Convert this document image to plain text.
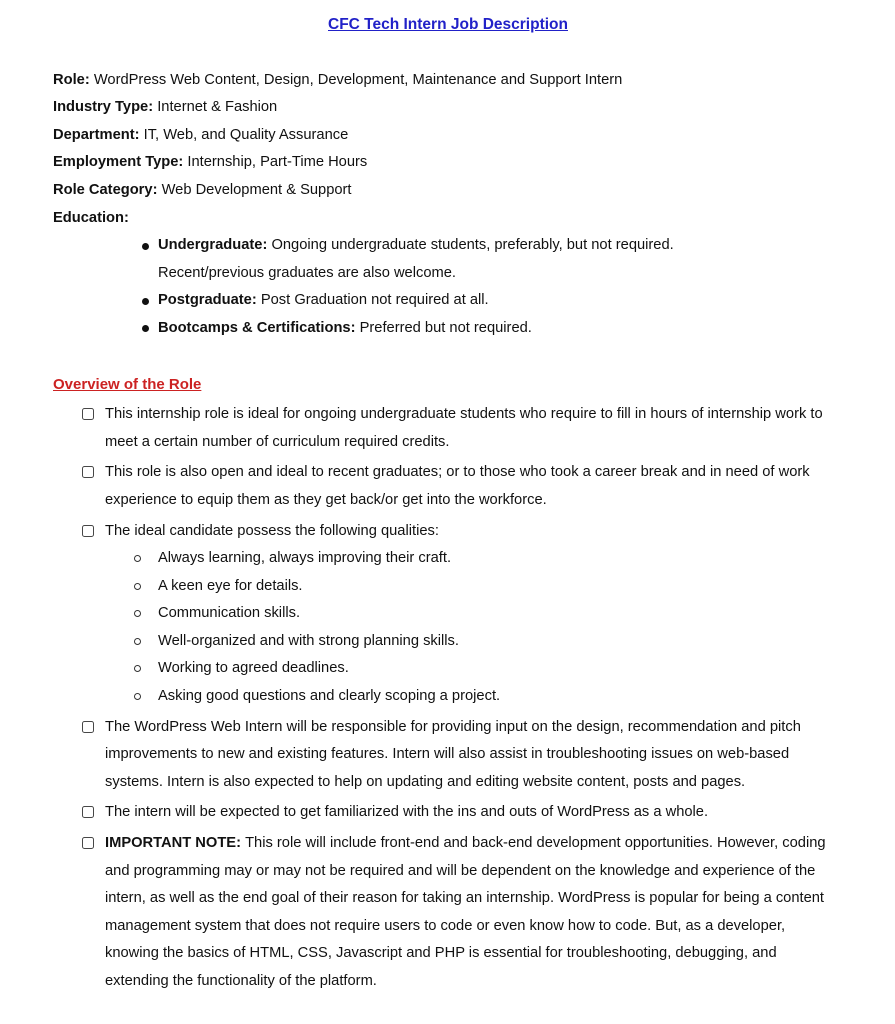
CFC Tech Intern Job Description

Role: WordPress Web Content, Design, Development, Maintenance and Support Intern

Industry Type: Internet & Fashion

Department: IT, Web, and Quality Assurance

Employment Type: Internship, Part-Time Hours

Role Category: Web Development & Support

Education:

Undergraduate: Ongoing undergraduate students, preferably, but not required. Recent/previous graduates are also welcome.
Postgraduate: Post Graduation not required at all.
Bootcamps & Certifications: Preferred but not required.
Overview of the Role
This internship role is ideal for ongoing undergraduate students who require to fill in hours of internship work to meet a certain number of curriculum required credits.
This role is also open and ideal to recent graduates; or to those who took a career break and in need of work experience to equip them as they get back/or get into the workforce.
The ideal candidate possess the following qualities:
Always learning, always improving their craft.
A keen eye for details.
Communication skills.
Well-organized and with strong planning skills.
Working to agreed deadlines.
Asking good questions and clearly scoping a project.
The WordPress Web Intern will be responsible for providing input on the design, recommendation and pitch improvements to new and existing features. Intern will also assist in troubleshooting issues on web-based systems. Intern is also expected to help on updating and editing website content, posts and pages.
The intern will be expected to get familiarized with the ins and outs of WordPress as a whole.
IMPORTANT NOTE: This role will include front-end and back-end development opportunities. However, coding and programming may or may not be required and will be dependent on the knowledge and experience of the intern, as well as the end goal of their reason for taking an internship. WordPress is popular for being a content management system that does not require users to code or even know how to code. But, as a developer, knowing the basics of HTML, CSS, Javascript and PHP is essential for troubleshooting, debugging, and extending the functionality of the platform.
